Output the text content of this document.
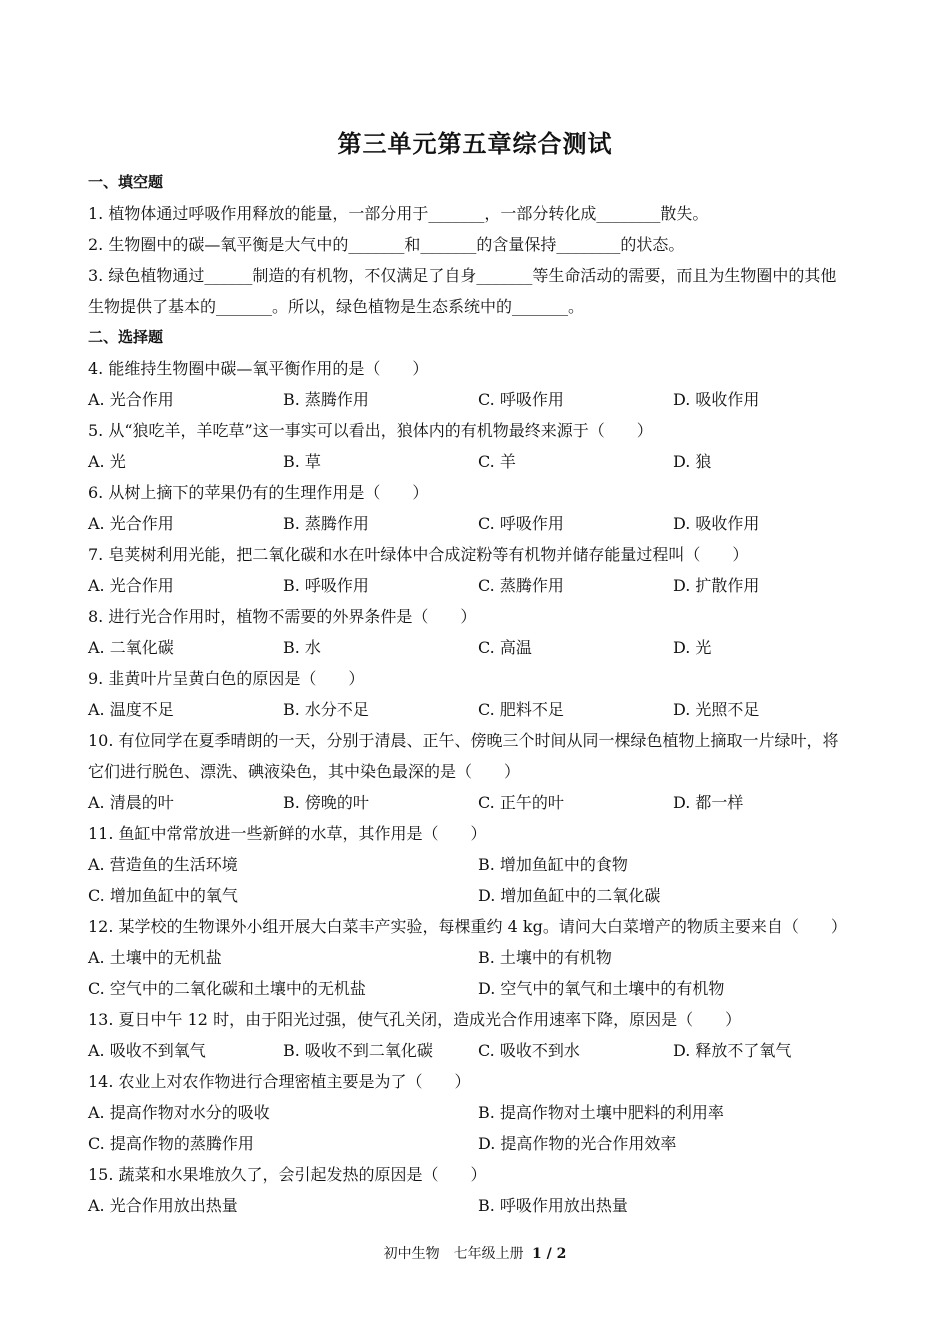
第三单元第五章综合测试
一、填空题
1. 植物体通过呼吸作用释放的能量，一部分用于_______，一部分转化成________散失。
2. 生物圈中的碳—氧平衡是大气中的_______和_______的含量保持________的状态。
3. 绿色植物通过______制造的有机物，不仅满足了自身_______等生命活动的需要，而且为生物圈中的其他
生物提供了基本的_______。所以，绿色植物是生态系统中的_______。
二、选择题
4. 能维持生物圈中碳—氧平衡作用的是（　　）
A. 光合作用	B. 蒸腾作用	C. 呼吸作用	D. 吸收作用
5. 从“狼吃羊，羊吃草”这一事实可以看出，狼体内的有机物最终来源于（　　）
A. 光	B. 草	C. 羊	D. 狼
6. 从树上摘下的苹果仍有的生理作用是（　　）
A. 光合作用	B. 蒸腾作用	C. 呼吸作用	D. 吸收作用
7. 皂荚树利用光能，把二氧化碳和水在叶绿体中合成淀粉等有机物并储存能量过程叫（　　）
A. 光合作用	B. 呼吸作用	C. 蒸腾作用	D. 扩散作用
8. 进行光合作用时，植物不需要的外界条件是（　　）
A. 二氧化碳	B. 水	C. 高温	D. 光
9. 韭黄叶片呈黄白色的原因是（　　）
A. 温度不足	B. 水分不足	C. 肥料不足	D. 光照不足
10. 有位同学在夏季晴朗的一天，分别于清晨、正午、傍晚三个时间从同一棵绿色植物上摘取一片绿叶，将
它们进行脱色、漂洗、碘液染色，其中染色最深的是（　　）
A. 清晨的叶	B. 傍晚的叶	C. 正午的叶	D. 都一样
11. 鱼缸中常常放进一些新鲜的水草，其作用是（　　）
A. 营造鱼的生活环境	B. 增加鱼缸中的食物
C. 增加鱼缸中的氧气	D. 增加鱼缸中的二氧化碳
12. 某学校的生物课外小组开展大白菜丰产实验，每棵重约 4 kg。请问大白菜增产的物质主要来自（　　）
A. 土壤中的无机盐	B. 土壤中的有机物
C. 空气中的二氧化碳和土壤中的无机盐	D. 空气中的氧气和土壤中的有机物
13. 夏日中午 12 时，由于阳光过强，使气孔关闭，造成光合作用速率下降，原因是（　　）
A. 吸收不到氧气	B. 吸收不到二氧化碳	C. 吸收不到水	D. 释放不了氧气
14. 农业上对农作物进行合理密植主要是为了（　　）
A. 提高作物对水分的吸收	B. 提高作物对土壤中肥料的利用率
C. 提高作物的蒸腾作用	D. 提高作物的光合作用效率
15. 蔬菜和水果堆放久了，会引起发热的原因是（　　）
A. 光合作用放出热量	B. 呼吸作用放出热量
初中生物　七年级上册 1 / 2
